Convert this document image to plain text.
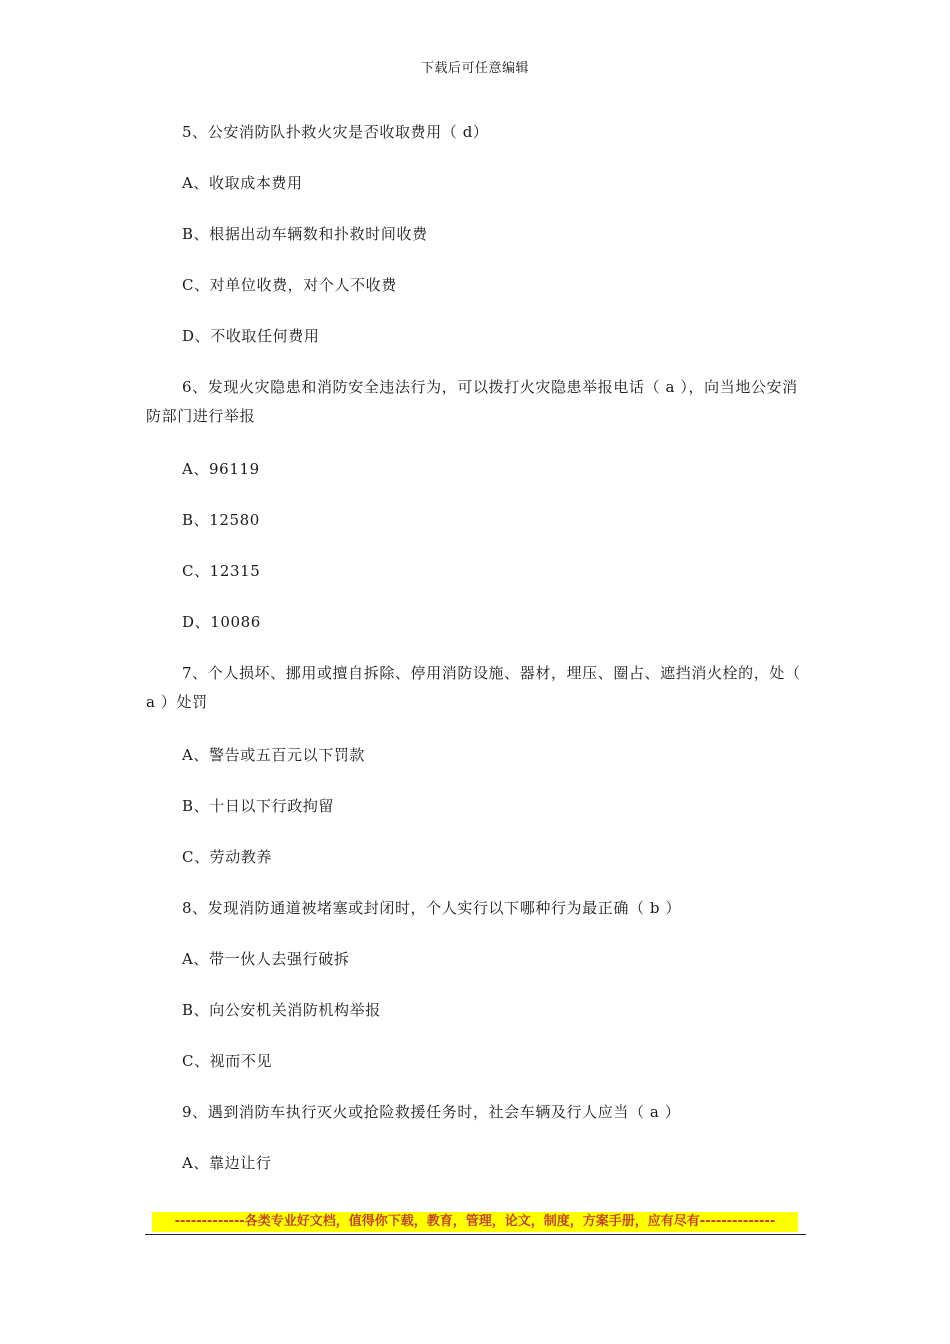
下载后可任意编辑

5、公安消防队扑救火灾是否收取费用（ d）

A、收取成本费用

B、根据出动车辆数和扑救时间收费

C、对单位收费，对个人不收费

D、不收取任何费用

6、发现火灾隐患和消防安全违法行为，可以拨打火灾隐患举报电话（ a ），向当地公安消防部门进行举报

A、96119

B、12580

C、12315

D、10086

7、个人损坏、挪用或擅自拆除、停用消防设施、器材，埋压、圈占、遮挡消火栓的，处（ a ）处罚

A、警告或五百元以下罚款

B、十日以下行政拘留

C、劳动教养

8、发现消防通道被堵塞或封闭时，个人实行以下哪种行为最正确（ b ）

A、带一伙人去强行破拆

B、向公安机关消防机构举报

C、视而不见

9、遇到消防车执行灭火或抢险救援任务时，社会车辆及行人应当（ a ）

A、靠边让行

-------------各类专业好文档，值得你下载，教育，管理，论文，制度，方案手册，应有尽有--------------
